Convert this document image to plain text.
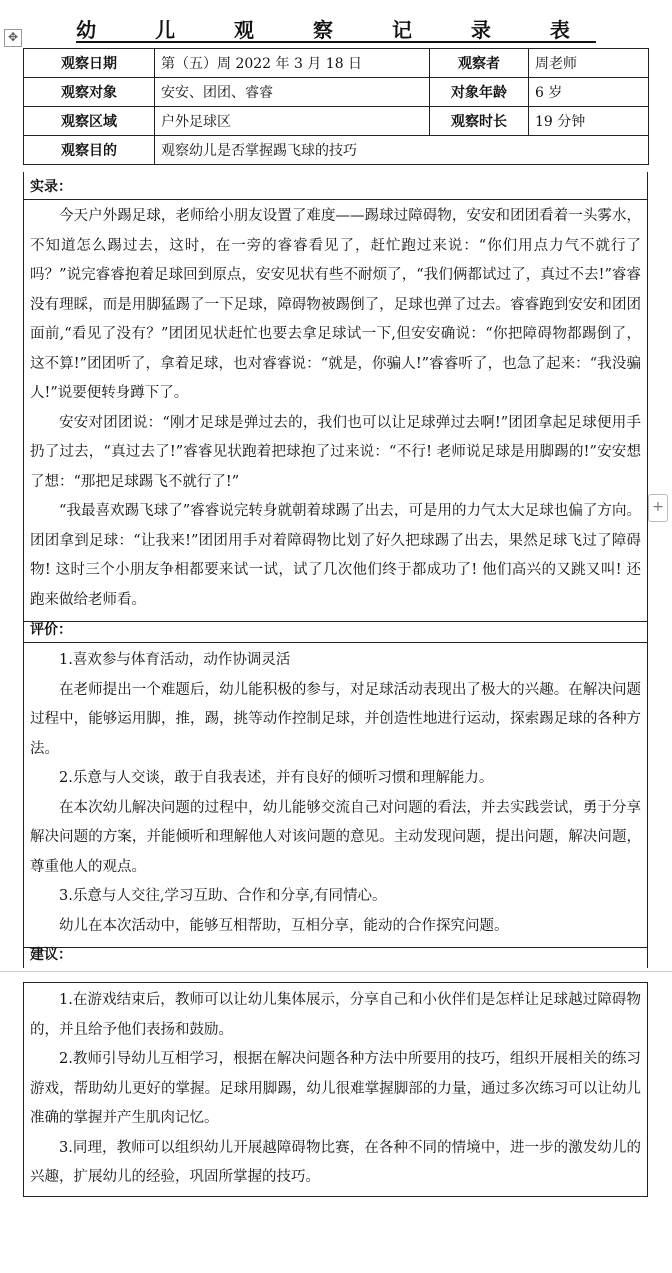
幼 儿 观 察 记 录 表
✥
+
观察日期	第（五）周 2022 年 3 月 18 日	观察者	周老师
观察对象	安安、团团、睿睿	对象年龄	6 岁
观察区域	户外足球区	观察时长	19 分钟
观察目的	观察幼儿是否掌握踢飞球的技巧		
实录：

今天户外踢足球，老师给小朋友设置了难度——踢球过障碍物，安安和团团看着一头雾水，不知道怎么踢过去，这时，在一旁的睿睿看见了，赶忙跑过来说：“你们用点力气不就行了吗？”说完睿睿抱着足球回到原点，安安见状有些不耐烦了，“我们俩都试过了，真过不去!”睿睿没有理睬，而是用脚猛踢了一下足球，障碍物被踢倒了，足球也弹了过去。睿睿跑到安安和团团面前,“看见了没有？”团团见状赶忙也要去拿足球试一下,但安安确说：“你把障碍物都踢倒了，这不算!”团团听了，拿着足球，也对睿睿说：“就是，你骗人!”睿睿听了，也急了起来：“我没骗人!”说要便转身蹲下了。

安安对团团说：“刚才足球是弹过去的，我们也可以让足球弹过去啊!”团团拿起足球便用手扔了过去，“真过去了!”睿睿见状跑着把球抱了过来说：“不行! 老师说足球是用脚踢的!”安安想了想：“那把足球踢飞不就行了!”

“我最喜欢踢飞球了”睿睿说完转身就朝着球踢了出去，可是用的力气太大足球也偏了方向。团团拿到足球：“让我来!”团团用手对着障碍物比划了好久把球踢了出去，果然足球飞过了障碍物! 这时三个小朋友争相都要来试一试，试了几次他们终于都成功了! 他们高兴的又跳又叫! 还跑来做给老师看。

评价：

1.喜欢参与体育活动，动作协调灵活

在老师提出一个难题后，幼儿能积极的参与，对足球活动表现出了极大的兴趣。在解决问题过程中，能够运用脚，推，踢，挑等动作控制足球，并创造性地进行运动，探索踢足球的各种方法。

2.乐意与人交谈，敢于自我表述，并有良好的倾听习惯和理解能力。

在本次幼儿解决问题的过程中，幼儿能够交流自己对问题的看法，并去实践尝试，勇于分享解决问题的方案，并能倾听和理解他人对该问题的意见。主动发现问题，提出问题，解决问题，尊重他人的观点。

3.乐意与人交往,学习互助、合作和分享,有同情心。

幼儿在本次活动中，能够互相帮助，互相分享，能动的合作探究问题。

建议：

1.在游戏结束后，教师可以让幼儿集体展示，分享自己和小伙伴们是怎样让足球越过障碍物的，并且给予他们表扬和鼓励。

2.教师引导幼儿互相学习，根据在解决问题各种方法中所要用的技巧，组织开展相关的练习游戏，帮助幼儿更好的掌握。足球用脚踢，幼儿很难掌握脚部的力量，通过多次练习可以让幼儿准确的掌握并产生肌肉记忆。

3.同理，教师可以组织幼儿开展越障碍物比赛，在各种不同的情境中，进一步的激发幼儿的兴趣，扩展幼儿的经验，巩固所掌握的技巧。
